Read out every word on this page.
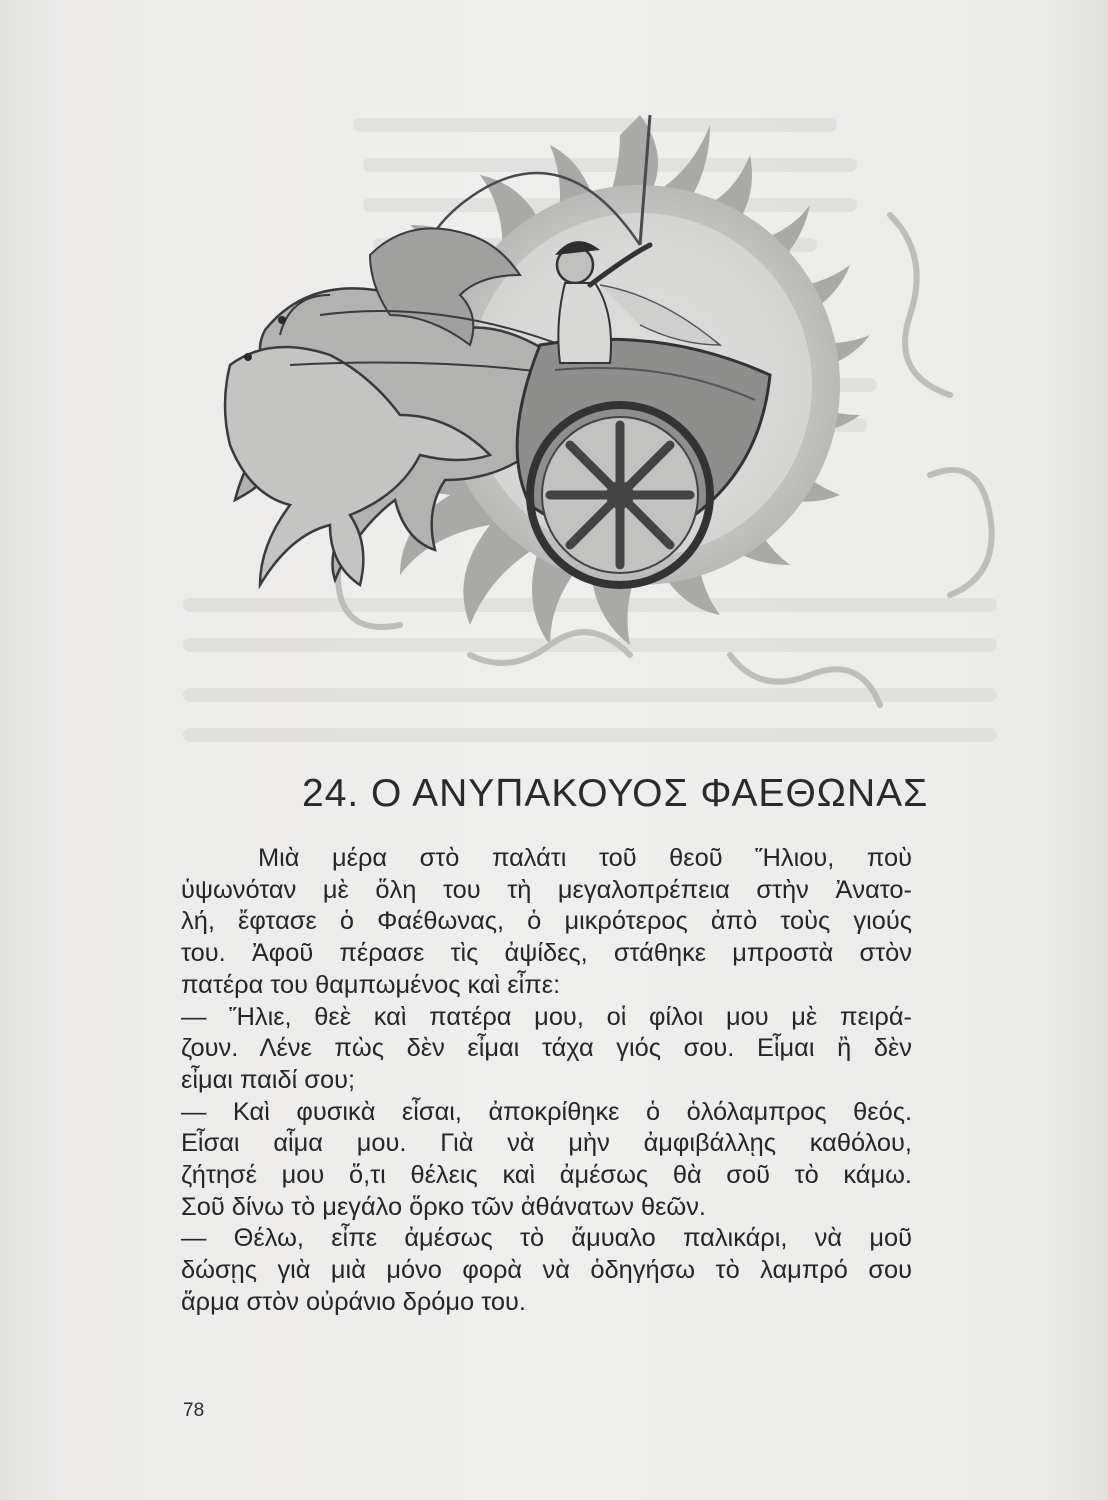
24. Ο ΑΝΥΠΑΚΟΥΟΣ ΦΑΕΘΩΝΑΣ
Μιὰ μέρα στὸ παλάτι τοῦ θεοῦ Ἥλιου, ποὺ
ὑψωνόταν μὲ ὅλη του τὴ μεγαλοπρέπεια στὴν Ἀνατο-
λή, ἔφτασε ὁ Φαέθωνας, ὁ μικρότερος ἀπὸ τοὺς γιούς
του. Ἀφοῦ πέρασε τὶς ἀψίδες, στάθηκε μπροστὰ στὸν
πατέρα του θαμπωμένος καὶ εἶπε:
— Ἥλιε, θεὲ καὶ πατέρα μου, οἱ φίλοι μου μὲ πειρά-
ζουν. Λένε πὼς δὲν εἶμαι τάχα γιός σου. Εἶμαι ἢ δὲν
εἶμαι παιδί σου;
— Καὶ φυσικὰ εἶσαι, ἀποκρίθηκε ὁ ὁλόλαμπρος θεός.
Εἶσαι αἷμα μου. Γιὰ νὰ μὴν ἀμφιβάλλῃς καθόλου,
ζήτησέ μου ὅ,τι θέλεις καὶ ἀμέσως θὰ σοῦ τὸ κάμω.
Σοῦ δίνω τὸ μεγάλο ὅρκο τῶν ἀθάνατων θεῶν.
— Θέλω, εἶπε ἀμέσως τὸ ἄμυαλο παλικάρι, νὰ μοῦ
δώσῃς γιὰ μιὰ μόνο φορὰ νὰ ὁδηγήσω τὸ λαμπρό σου
ἅρμα στὸν οὐράνιο δρόμο του.
78
